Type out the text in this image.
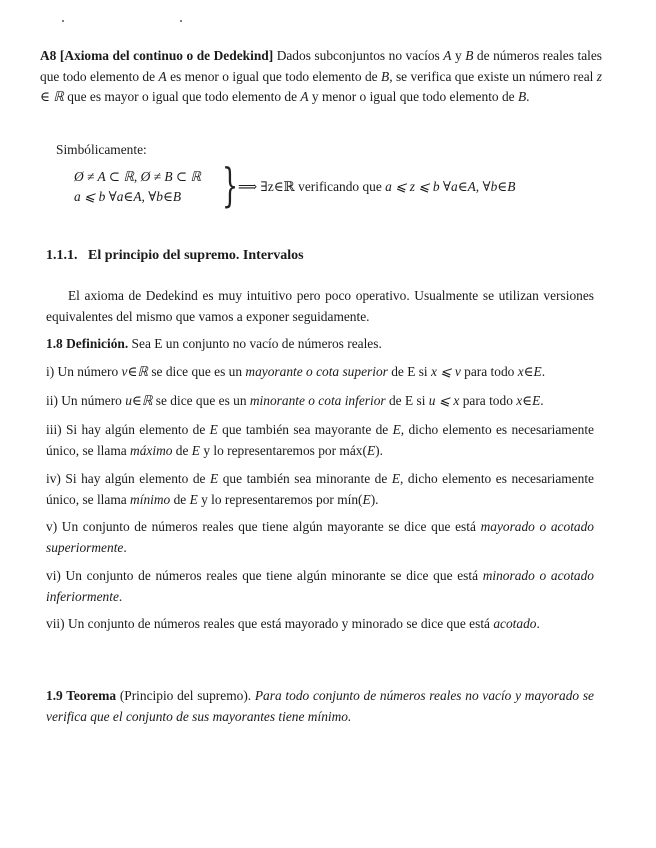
A8 [Axioma del continuo o de Dedekind] Dados subconjuntos no vacíos A y B de números reales tales que todo elemento de A es menor o igual que todo elemento de B, se verifica que existe un número real z ∈ ℝ que es mayor o igual que todo elemento de A y menor o igual que todo elemento de B.
Simbólicamente:
Ø ≠ A ⊂ ℝ, Ø ≠ B ⊂ ℝ
a ⩽ b ∀a∈A, ∀b∈B } ⟹ ∃z∈ℝ verificando que a ⩽ z ⩽ b ∀a∈A, ∀b∈B
1.1.1. El principio del supremo. Intervalos
El axioma de Dedekind es muy intuitivo pero poco operativo. Usualmente se utilizan versiones equivalentes del mismo que vamos a exponer seguidamente.
1.8 Definición. Sea E un conjunto no vacío de números reales.
i) Un número v∈ℝ se dice que es un mayorante o cota superior de E si x ⩽ v para todo x∈E.
ii) Un número u∈ℝ se dice que es un minorante o cota inferior de E si u ⩽ x para todo x∈E.
iii) Si hay algún elemento de E que también sea mayorante de E, dicho elemento es necesariamente único, se llama máximo de E y lo representaremos por máx(E).
iv) Si hay algún elemento de E que también sea minorante de E, dicho elemento es necesariamente único, se llama mínimo de E y lo representaremos por mín(E).
v) Un conjunto de números reales que tiene algún mayorante se dice que está mayorado o acotado superiormente.
vi) Un conjunto de números reales que tiene algún minorante se dice que está minorado o acotado inferiormente.
vii) Un conjunto de números reales que está mayorado y minorado se dice que está acotado.
1.9 Teorema (Principio del supremo). Para todo conjunto de números reales no vacío y mayorado se verifica que el conjunto de sus mayorantes tiene mínimo.
